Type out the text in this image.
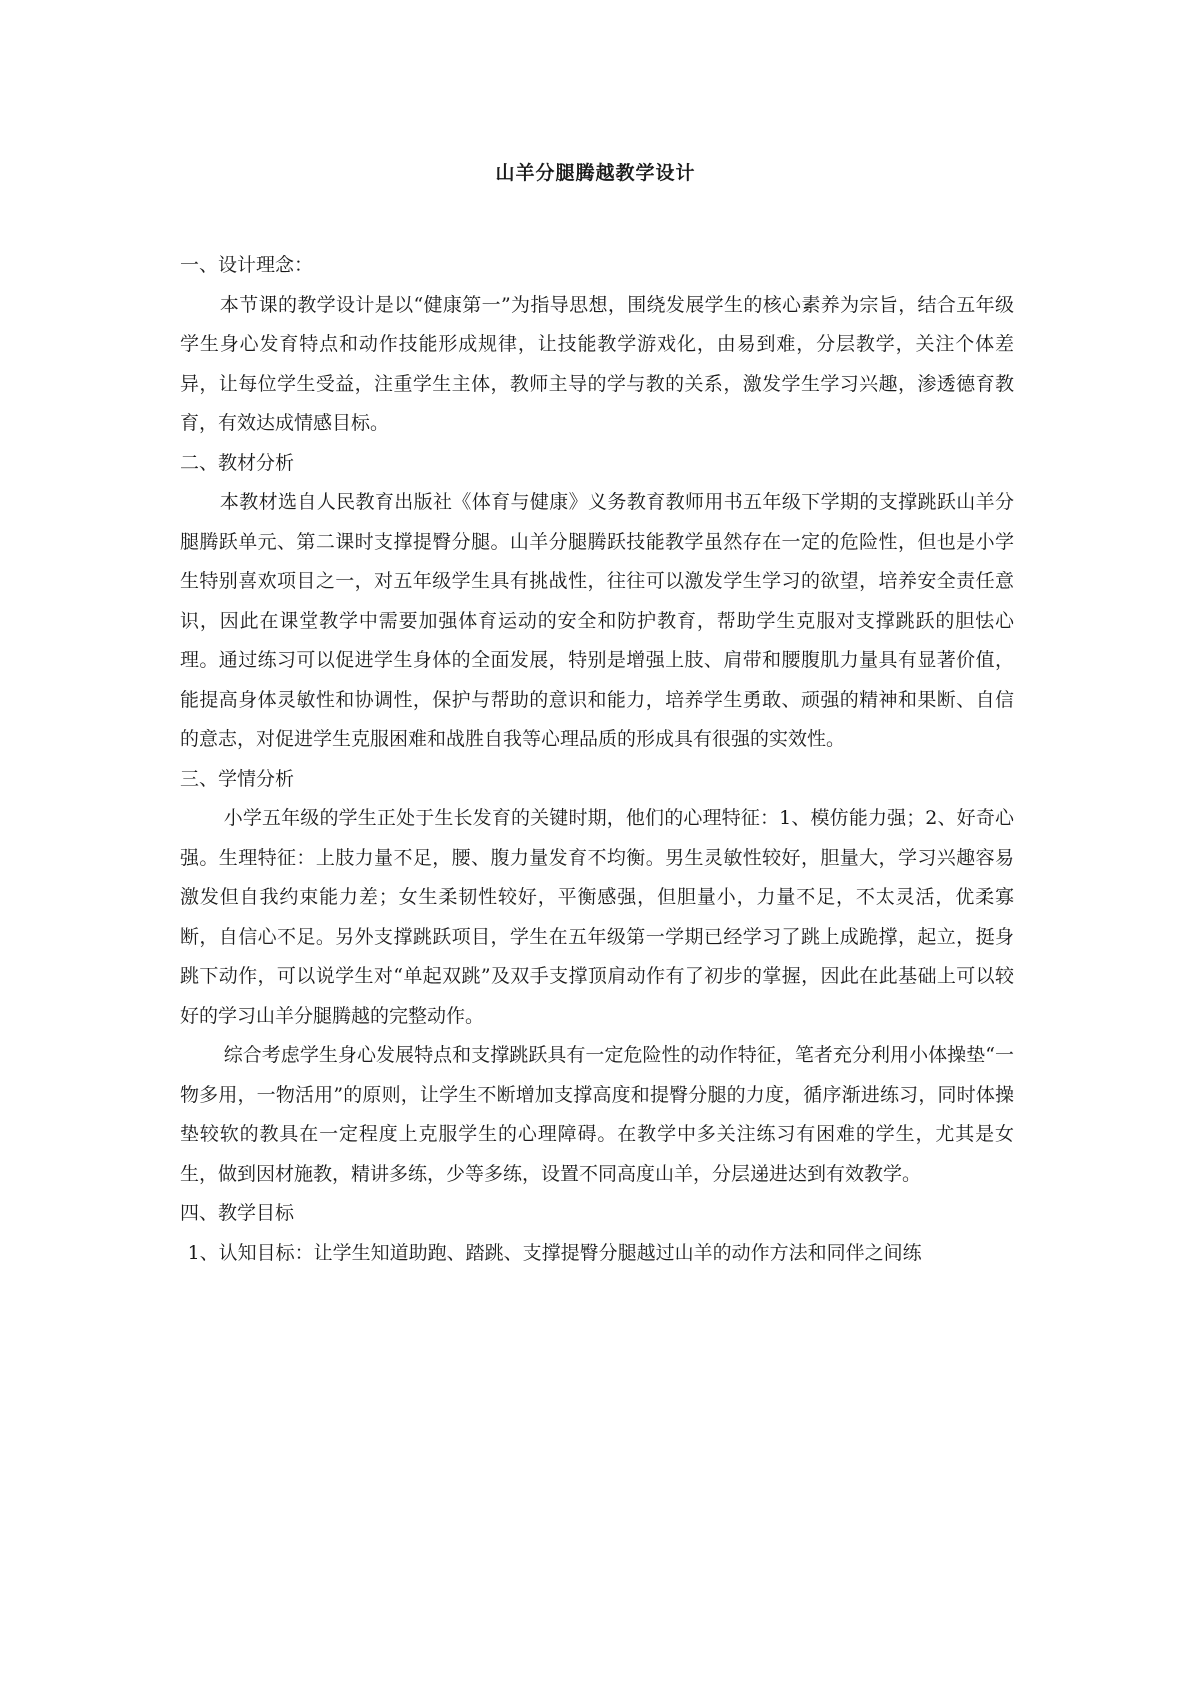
山羊分腿腾越教学设计

一、设计理念：

本节课的教学设计是以“健康第一”为指导思想，围绕发展学生的核心素养为宗旨，结合五年级学生身心发育特点和动作技能形成规律，让技能教学游戏化，由易到难，分层教学，关注个体差异，让每位学生受益，注重学生主体，教师主导的学与教的关系，激发学生学习兴趣，渗透德育教育，有效达成情感目标。

二、教材分析

本教材选自人民教育出版社《体育与健康》义务教育教师用书五年级下学期的支撑跳跃山羊分腿腾跃单元、第二课时支撑提臀分腿。山羊分腿腾跃技能教学虽然存在一定的危险性，但也是小学生特别喜欢项目之一，对五年级学生具有挑战性，往往可以激发学生学习的欲望，培养安全责任意识，因此在课堂教学中需要加强体育运动的安全和防护教育，帮助学生克服对支撑跳跃的胆怯心理。通过练习可以促进学生身体的全面发展，特别是增强上肢、肩带和腰腹肌力量具有显著价值，能提高身体灵敏性和协调性，保护与帮助的意识和能力，培养学生勇敢、顽强的精神和果断、自信的意志，对促进学生克服困难和战胜自我等心理品质的形成具有很强的实效性。

三、学情分析

小学五年级的学生正处于生长发育的关键时期，他们的心理特征：1、模仿能力强；2、好奇心强。生理特征：上肢力量不足，腰、腹力量发育不均衡。男生灵敏性较好，胆量大，学习兴趣容易激发但自我约束能力差；女生柔韧性较好，平衡感强，但胆量小，力量不足，不太灵活，优柔寡断，自信心不足。另外支撑跳跃项目，学生在五年级第一学期已经学习了跳上成跪撑，起立，挺身跳下动作，可以说学生对“单起双跳”及双手支撑顶肩动作有了初步的掌握，因此在此基础上可以较好的学习山羊分腿腾越的完整动作。

综合考虑学生身心发展特点和支撑跳跃具有一定危险性的动作特征，笔者充分利用小体操垫“一物多用，一物活用”的原则，让学生不断增加支撑高度和提臀分腿的力度，循序渐进练习，同时体操垫较软的教具在一定程度上克服学生的心理障碍。在教学中多关注练习有困难的学生，尤其是女生，做到因材施教，精讲多练，少等多练，设置不同高度山羊，分层递进达到有效教学。

四、教学目标

1、认知目标：让学生知道助跑、踏跳、支撑提臀分腿越过山羊的动作方法和同伴之间练
